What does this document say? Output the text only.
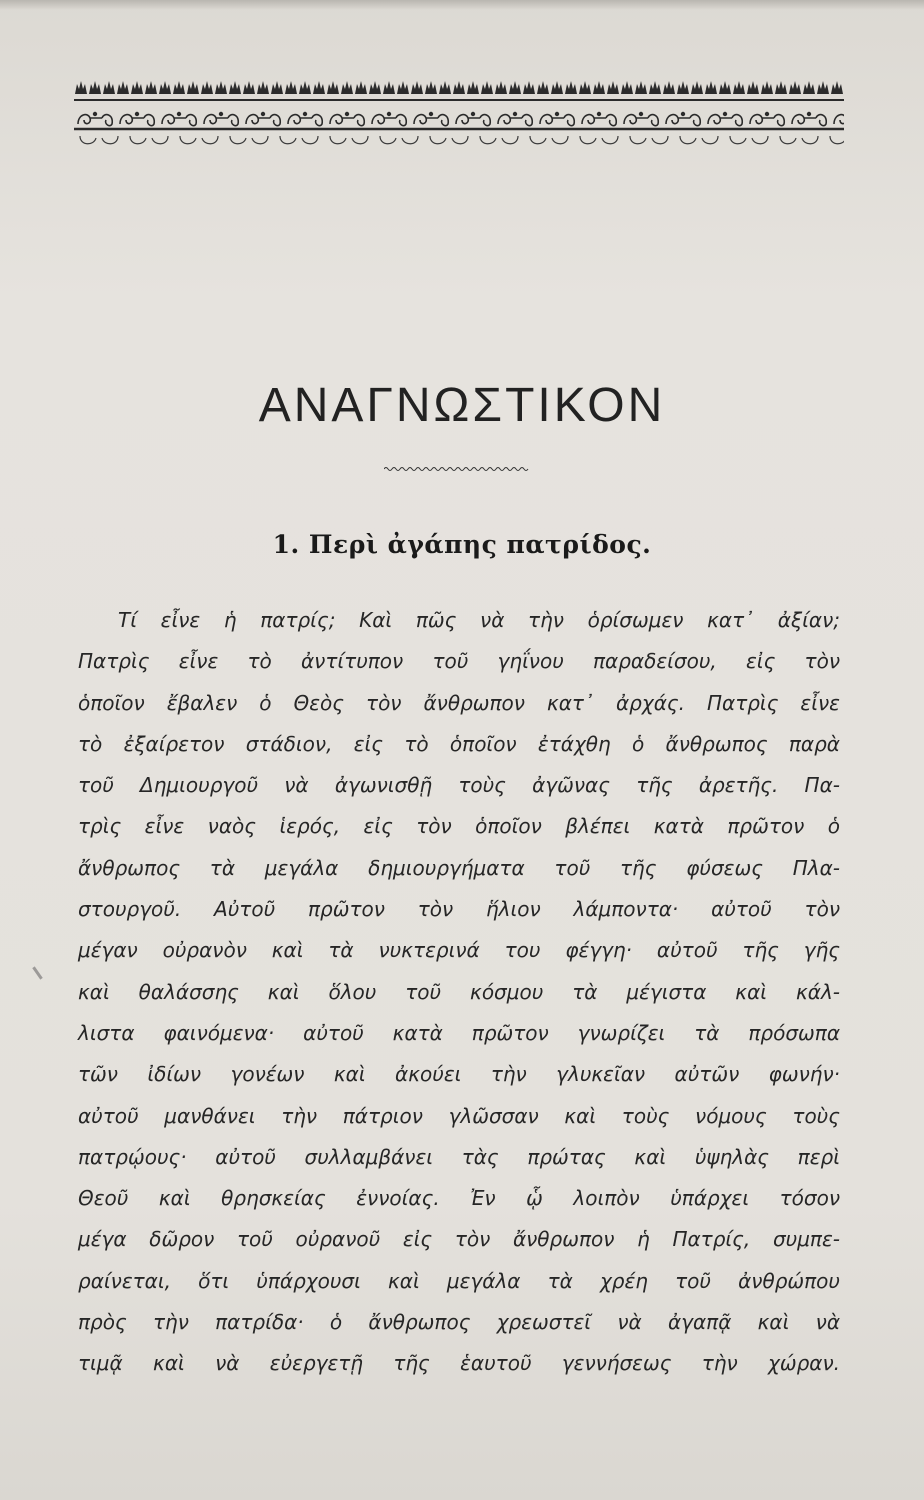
ΑΝΑΓΝΩΣΤΙΚΟΝ
1. Περὶ ἀγάπης πατρίδος.
Τί εἶνε ἡ πατρίς; Καὶ πῶς νὰ τὴν ὁρίσωμεν κατ᾽ ἀξίαν;
Πατρὶς εἶνε τὸ ἀντίτυπον τοῦ γηΐνου παραδείσου, εἰς τὸν
ὁποῖον ἔβαλεν ὁ Θεὸς τὸν ἄνθρωπον κατ᾽ ἀρχάς. Πατρὶς εἶνε
τὸ ἐξαίρετον στάδιον, εἰς τὸ ὁποῖον ἐτάχθη ὁ ἄνθρωπος παρὰ
τοῦ Δημιουργοῦ νὰ ἀγωνισθῇ τοὺς ἀγῶνας τῆς ἀρετῆς. Πα-
τρὶς εἶνε ναὸς ἱερός, εἰς τὸν ὁποῖον βλέπει κατὰ πρῶτον ὁ
ἄνθρωπος τὰ μεγάλα δημιουργήματα τοῦ τῆς φύσεως Πλα-
στουργοῦ. Αὐτοῦ πρῶτον τὸν ἥλιον λάμποντα· αὐτοῦ τὸν
μέγαν οὐρανὸν καὶ τὰ νυκτερινά του φέγγη· αὐτοῦ τῆς γῆς
καὶ θαλάσσης καὶ ὅλου τοῦ κόσμου τὰ μέγιστα καὶ κάλ-
λιστα φαινόμενα· αὐτοῦ κατὰ πρῶτον γνωρίζει τὰ πρόσωπα
τῶν ἰδίων γονέων καὶ ἀκούει τὴν γλυκεῖαν αὐτῶν φωνήν·
αὐτοῦ μανθάνει τὴν πάτριον γλῶσσαν καὶ τοὺς νόμους τοὺς
πατρῴους· αὐτοῦ συλλαμβάνει τὰς πρώτας καὶ ὑψηλὰς περὶ
Θεοῦ καὶ θρησκείας ἐννοίας. Ἐν ᾧ λοιπὸν ὑπάρχει τόσον
μέγα δῶρον τοῦ οὐρανοῦ εἰς τὸν ἄνθρωπον ἡ Πατρίς, συμπε-
ραίνεται, ὅτι ὑπάρχουσι καὶ μεγάλα τὰ χρέη τοῦ ἀνθρώπου
πρὸς τὴν πατρίδα· ὁ ἄνθρωπος χρεωστεῖ νὰ ἀγαπᾷ καὶ νὰ
τιμᾷ καὶ νὰ εὐεργετῇ τῆς ἑαυτοῦ γεννήσεως τὴν χώραν.
